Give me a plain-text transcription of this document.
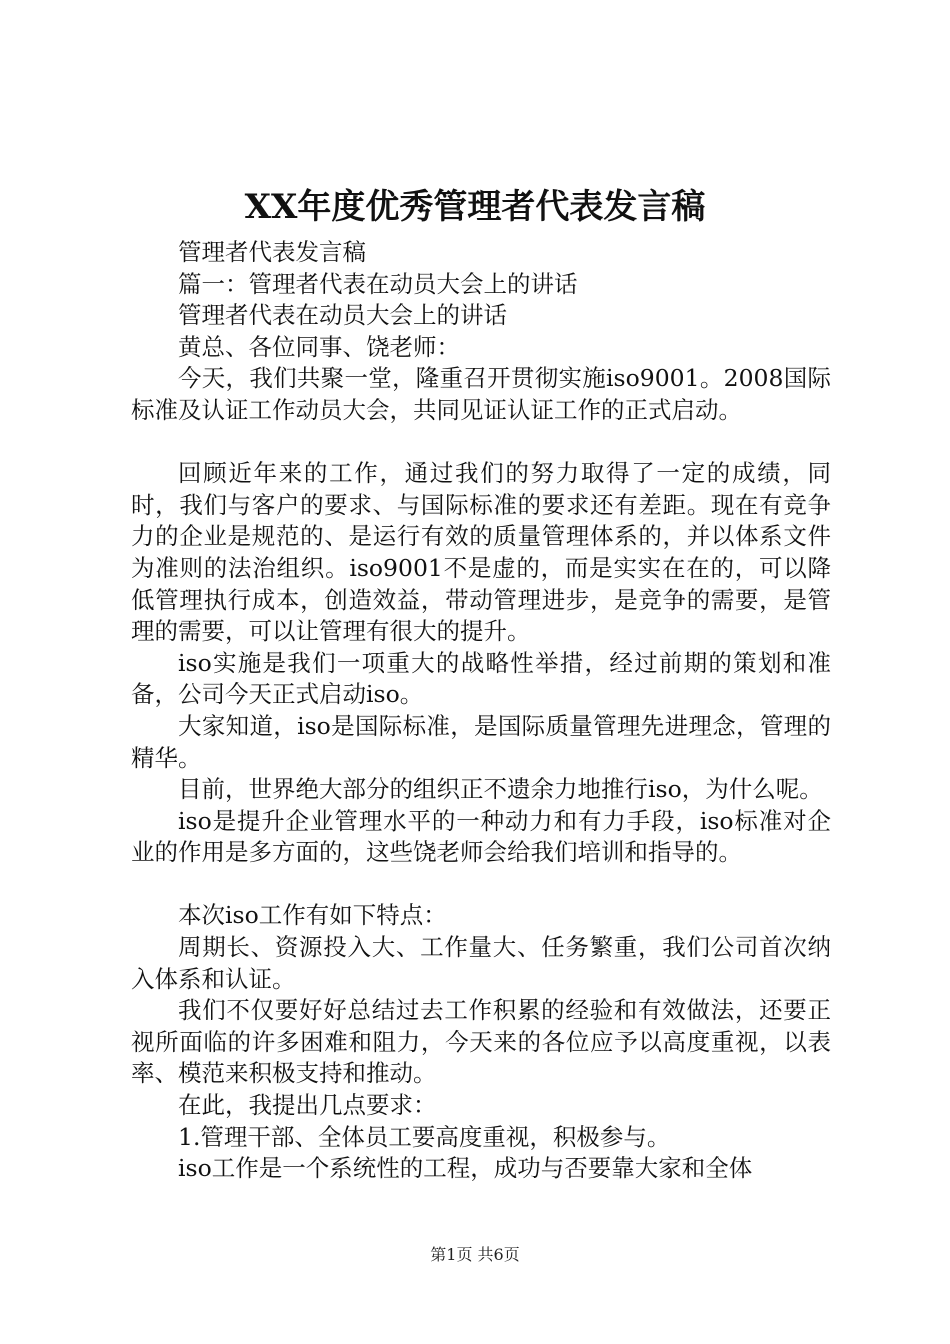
XX年度优秀管理者代表发言稿

管理者代表发言稿

篇一：管理者代表在动员大会上的讲话

管理者代表在动员大会上的讲话

黄总、各位同事、饶老师：

今天，我们共聚一堂，隆重召开贯彻实施iso9001。2008国际标准及认证工作动员大会，共同见证认证工作的正式启动。

回顾近年来的工作，通过我们的努力取得了一定的成绩，同时，我们与客户的要求、与国际标准的要求还有差距。现在有竞争力的企业是规范的、是运行有效的质量管理体系的，并以体系文件为准则的法治组织。iso9001不是虚的，而是实实在在的，可以降低管理执行成本，创造效益，带动管理进步，是竞争的需要，是管理的需要，可以让管理有很大的提升。

iso实施是我们一项重大的战略性举措，经过前期的策划和准备，公司今天正式启动iso。

大家知道，iso是国际标准，是国际质量管理先进理念，管理的精华。

目前，世界绝大部分的组织正不遗余力地推行iso，为什么呢。

iso是提升企业管理水平的一种动力和有力手段，iso标准对企业的作用是多方面的，这些饶老师会给我们培训和指导的。

本次iso工作有如下特点：

周期长、资源投入大、工作量大、任务繁重，我们公司首次纳入体系和认证。

我们不仅要好好总结过去工作积累的经验和有效做法，还要正视所面临的许多困难和阻力，今天来的各位应予以高度重视，以表率、模范来积极支持和推动。

在此，我提出几点要求：

1.管理干部、全体员工要高度重视，积极参与。

iso工作是一个系统性的工程，成功与否要靠大家和全体

第1页 共6页
